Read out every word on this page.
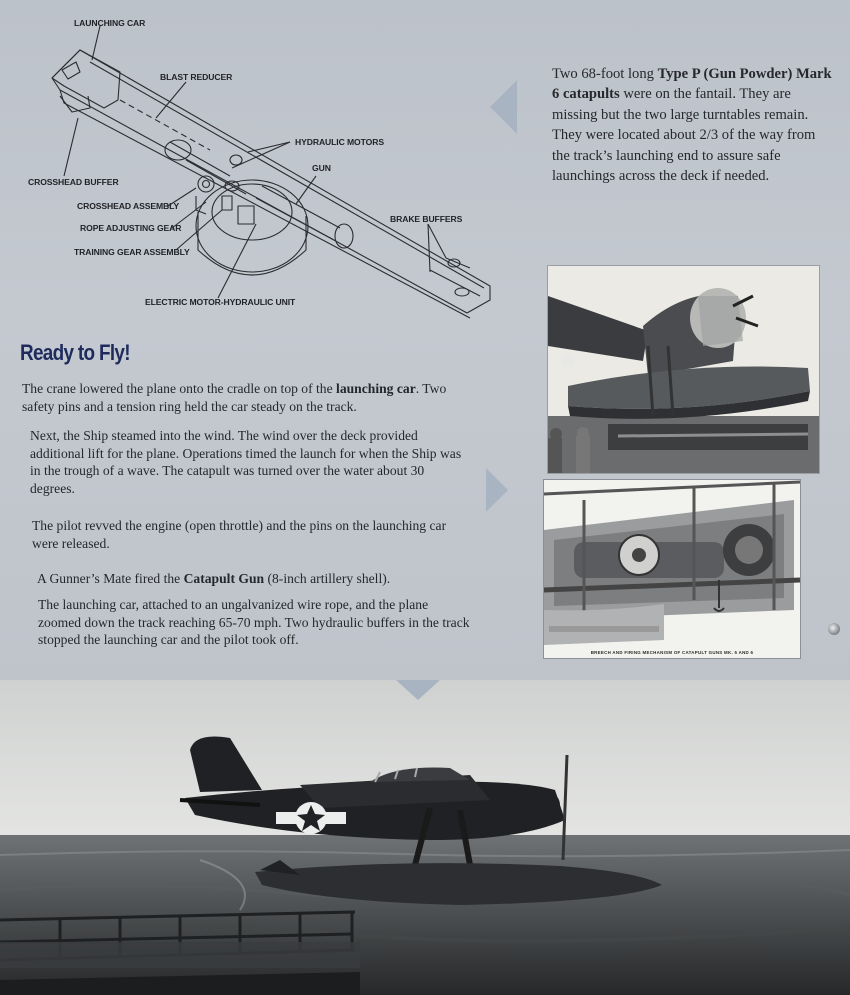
LAUNCHING CAR
BLAST REDUCER
HYDRAULIC MOTORS
GUN
CROSSHEAD BUFFER
CROSSHEAD ASSEMBLY
ROPE ADJUSTING GEAR
TRAINING GEAR ASSEMBLY
BRAKE BUFFERS
ELECTRIC MOTOR-HYDRAULIC UNIT
Ready to Fly!

The crane lowered the plane onto the cradle on top of the launching car. Two safety pins and a tension ring held the car steady on the track.

Next, the Ship steamed into the wind. The wind over the deck provided additional lift for the plane. Operations timed the launch for when the Ship was in the trough of a wave. The catapult was turned over the water about 30 degrees.

The pilot revved the engine (open throttle) and the pins on the launching car were released.

A Gunner’s Mate fired the Catapult Gun (8-inch artillery shell).

The launching car, attached to an ungalvanized wire rope, and the plane zoomed down the track reaching 65-70 mph. Two hydraulic buffers in the track stopped the launching car and the pilot took off.

Two 68-foot long Type P (Gun Powder) Mark 6 catapults were on the fantail. They are missing but the two large turntables remain. They were located about 2/3 of the way from the track’s launching end to assure safe launchings across the deck if needed.

BREECH AND FIRING MECHANISM OF CATAPULT GUNS MK. 5 AND 6
